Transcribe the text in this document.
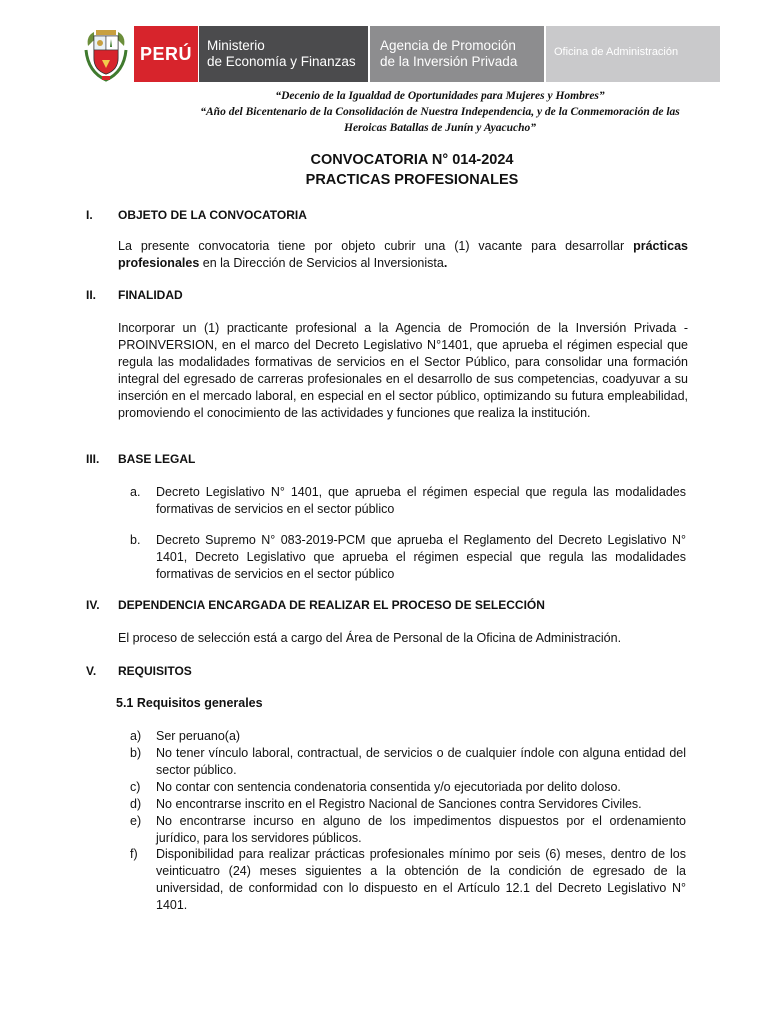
PERÚ	Ministerio
de Economía y Finanzas
Agencia de Promoción
de la Inversión Privada
Oficina de Administración
“Decenio de la Igualdad de Oportunidades para Mujeres y Hombres”
“Año del Bicentenario de la Consolidación de Nuestra Independencia, y de la Conmemoración de las
Heroicas Batallas de Junín y Ayacucho”
CONVOCATORIA N° 014-2024
PRACTICAS PROFESIONALES
I. OBJETO DE LA CONVOCATORIA
La presente convocatoria tiene por objeto cubrir una (1) vacante para desarrollar prácticas profesionales en la Dirección de Servicios al Inversionista.
II. FINALIDAD
Incorporar un (1) practicante profesional a la Agencia de Promoción de la Inversión Privada - PROINVERSION, en el marco del Decreto Legislativo N°1401, que aprueba el régimen especial que regula las modalidades formativas de servicios en el Sector Público, para consolidar una formación integral del egresado de carreras profesionales en el desarrollo de sus competencias, coadyuvar a su inserción en el mercado laboral, en especial en el sector público, optimizando su futura empleabilidad, promoviendo el conocimiento de las actividades y funciones que realiza la institución.
III. BASE LEGAL
a.	Decreto Legislativo N° 1401, que aprueba el régimen especial que regula las modalidades formativas de servicios en el sector público
b.	Decreto Supremo N° 083-2019-PCM que aprueba el Reglamento del Decreto Legislativo N° 1401, Decreto Legislativo que aprueba el régimen especial que regula las modalidades formativas de servicios en el sector público
IV. DEPENDENCIA ENCARGADA DE REALIZAR EL PROCESO DE SELECCIÓN
El proceso de selección está a cargo del Área de Personal de la Oficina de Administración.
V. REQUISITOS
5.1 Requisitos generales
a)	Ser peruano(a)
b)	No tener vínculo laboral, contractual, de servicios o de cualquier índole con alguna entidad del sector público.
c)	No contar con sentencia condenatoria consentida y/o ejecutoriada por delito doloso.
d)	No encontrarse inscrito en el Registro Nacional de Sanciones contra Servidores Civiles.
e)	No encontrarse incurso en alguno de los impedimentos dispuestos por el ordenamiento jurídico, para los servidores públicos.
f)	Disponibilidad para realizar prácticas profesionales mínimo por seis (6) meses, dentro de los veinticuatro (24) meses siguientes a la obtención de la condición de egresado de la universidad, de conformidad con lo dispuesto en el Artículo 12.1 del Decreto Legislativo N° 1401.
